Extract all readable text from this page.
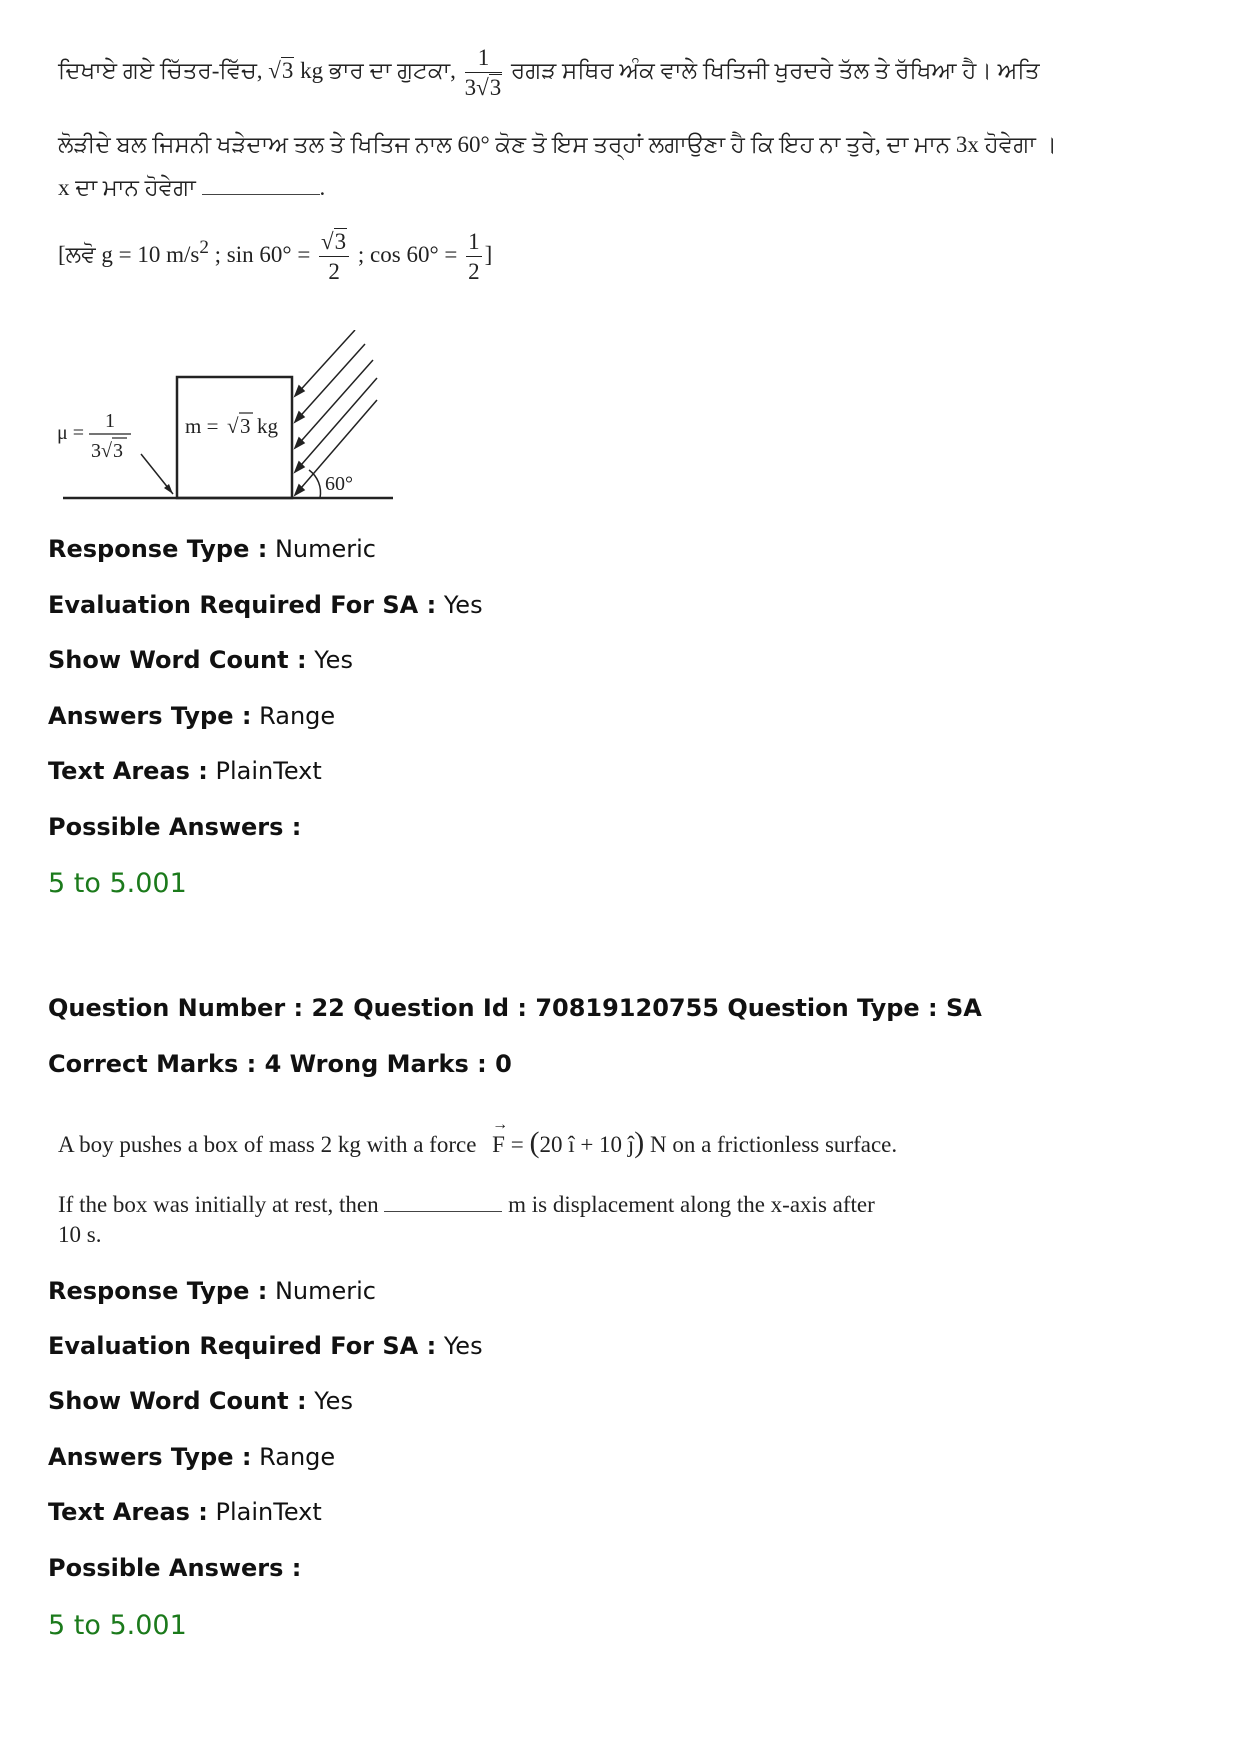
ਦਿਖਾਏ ਗਏ ਚਿੱਤਰ-ਵਿੱਚ, √3 kg ਭਾਰ ਦਾ ਗੁਟਕਾ, $\frac{1}{3√3}$ ਰਗੜ ਸਥਿਰ ਅੰਕ ਵਾਲੇ ਖਿਤਿਜੀ ਖੁਰਦਰੇ ਤੱਲ ਤੇ ਰੱਖਿਆ ਹੈ। ਅਤਿ
ਲੋੜੀਦੇ ਬਲ ਜਿਸਨੀ ਖੜੇਦਾਅ ਤਲ ਤੇ ਖਿਤਿਜ ਨਾਲ 60° ਕੋਣ ਤੋ ਇਸ ਤਰ੍ਹਾਂ ਲਗਾਉਣਾ ਹੈ ਕਿ ਇਹ ਨਾ ਤੁਰੇ, ਦਾ ਮਾਨ 3x ਹੋਵੇਗਾ ।
x ਦਾ ਮਾਨ ਹੋਵੇਗਾ	.
[ਲਵੋ g = 10 $m/s^2$ ; $\sin 60^\circ = \frac{√3}{2}$ ; $\cos 60^\circ = \frac{1}{2}$ ]
60°
μ =
1
3 √ 3
m = √ 3 kg
Response Type : Numeric
Evaluation Required For SA : Yes
Show Word Count : Yes
Answers Type : Range
Text Areas : PlainText
Possible Answers :
5 to 5.001
Question Number : 22 Question Id : 70819120755 Question Type : SA
Correct Marks : 4 Wrong Marks : 0
A boy pushes a box of mass 2 kg with a force
→
F = (20 î + 10 ĵ) N on a frictionless surface.
If the box was initially at rest, then	m is displacement along the x-axis after
10 s.
Response Type : Numeric
Evaluation Required For SA : Yes
Show Word Count : Yes
Answers Type : Range
Text Areas : PlainText
Possible Answers :
5 to 5.001
